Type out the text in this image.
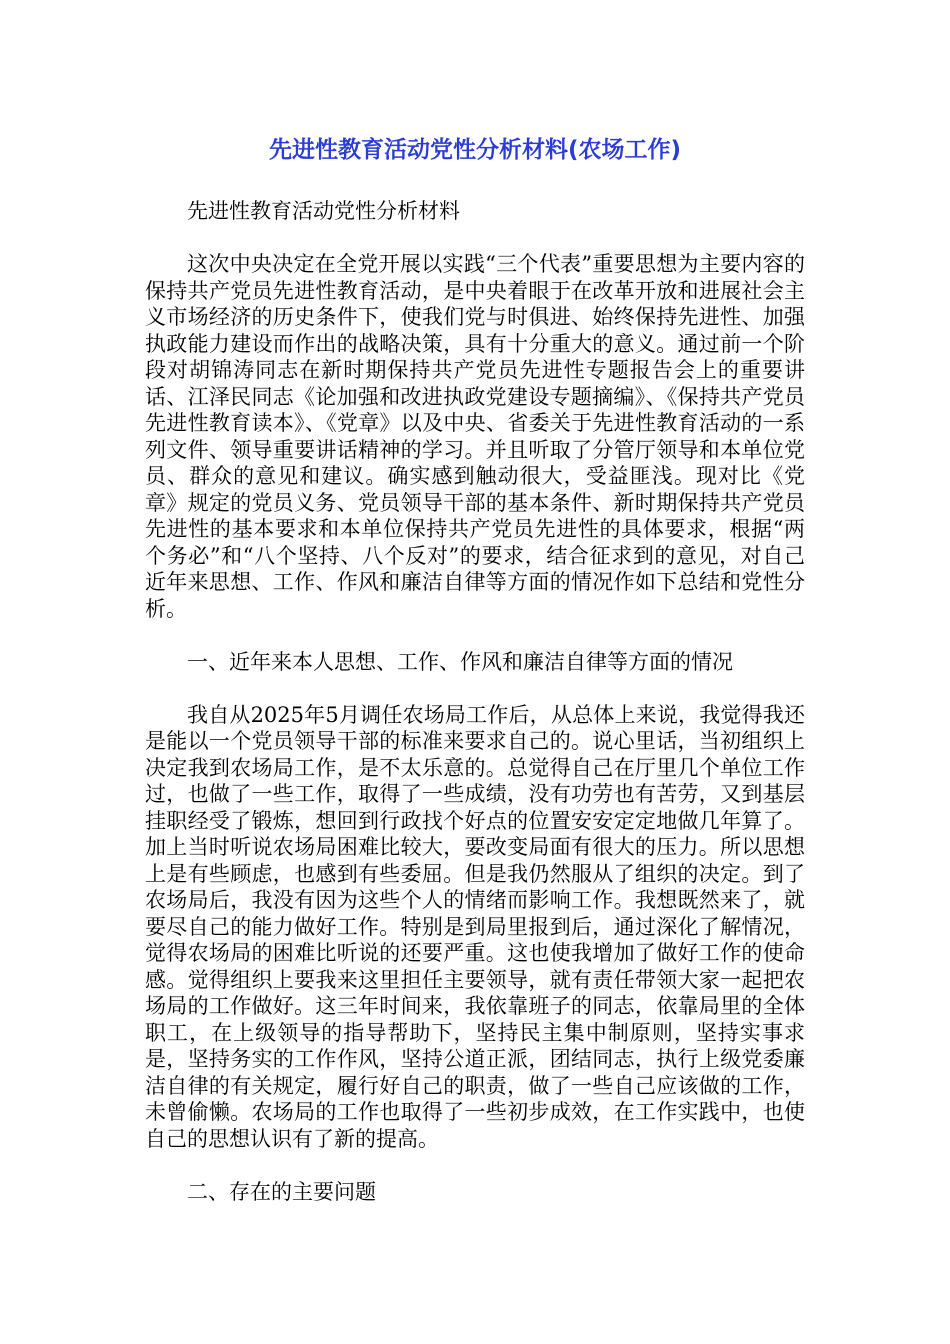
先进性教育活动党性分析材料(农场工作)

先进性教育活动党性分析材料

这次中央决定在全党开展以实践“三个代表”重要思想为主要内容的保持共产党员先进性教育活动，是中央着眼于在改革开放和进展社会主义市场经济的历史条件下，使我们党与时俱进、始终保持先进性、加强执政能力建设而作出的战略决策，具有十分重大的意义。通过前一个阶段对胡锦涛同志在新时期保持共产党员先进性专题报告会上的重要讲话、江泽民同志《论加强和改进执政党建设专题摘编》、《保持共产党员先进性教育读本》、《党章》以及中央、省委关于先进性教育活动的一系列文件、领导重要讲话精神的学习。并且听取了分管厅领导和本单位党员、群众的意见和建议。确实感到触动很大，受益匪浅。现对比《党章》规定的党员义务、党员领导干部的基本条件、新时期保持共产党员先进性的基本要求和本单位保持共产党员先进性的具体要求，根据“两个务必”和“八个坚持、八个反对”的要求，结合征求到的意见，对自己近年来思想、工作、作风和廉洁自律等方面的情况作如下总结和党性分析。

一、近年来本人思想、工作、作风和廉洁自律等方面的情况

我自从2025年5月调任农场局工作后，从总体上来说，我觉得我还是能以一个党员领导干部的标准来要求自己的。说心里话，当初组织上决定我到农场局工作，是不太乐意的。总觉得自己在厅里几个单位工作过，也做了一些工作，取得了一些成绩，没有功劳也有苦劳，又到基层挂职经受了锻炼，想回到行政找个好点的位置安安定定地做几年算了。加上当时听说农场局困难比较大，要改变局面有很大的压力。所以思想上是有些顾虑，也感到有些委屈。但是我仍然服从了组织的决定。到了农场局后，我没有因为这些个人的情绪而影响工作。我想既然来了，就要尽自己的能力做好工作。特别是到局里报到后，通过深化了解情况，觉得农场局的困难比听说的还要严重。这也使我增加了做好工作的使命感。觉得组织上要我来这里担任主要领导，就有责任带领大家一起把农场局的工作做好。这三年时间来，我依靠班子的同志，依靠局里的全体职工，在上级领导的指导帮助下，坚持民主集中制原则，坚持实事求是，坚持务实的工作作风，坚持公道正派，团结同志，执行上级党委廉洁自律的有关规定，履行好自己的职责，做了一些自己应该做的工作，未曾偷懒。农场局的工作也取得了一些初步成效，在工作实践中，也使自己的思想认识有了新的提高。

二、存在的主要问题
